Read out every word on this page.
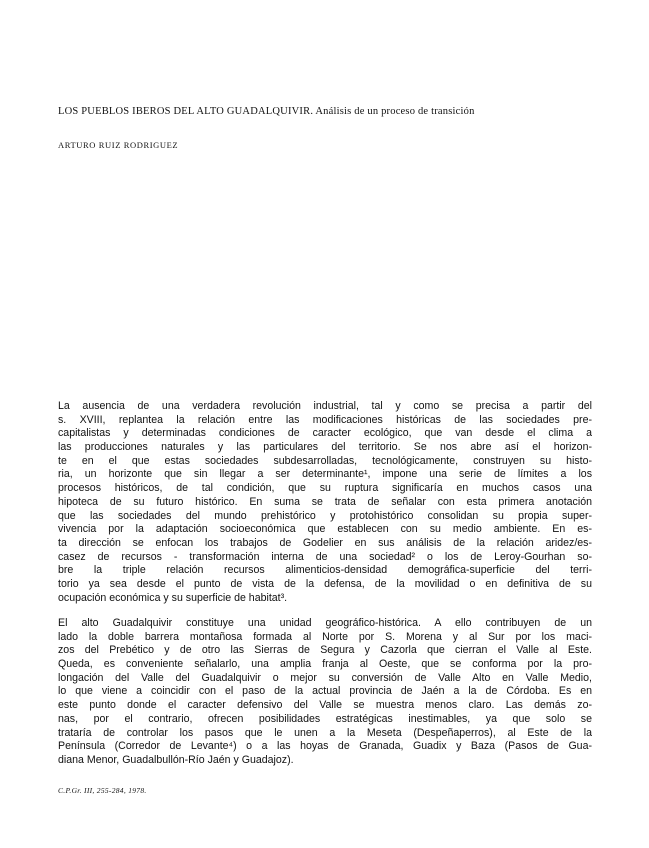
LOS PUEBLOS IBEROS DEL ALTO GUADALQUIVIR. Análisis de un proceso de transición
ARTURO RUIZ RODRIGUEZ
La ausencia de una verdadera revolución industrial, tal y como se precisa a partir del
s. XVIII, replantea la relación entre las modificaciones históricas de las sociedades pre-
capitalistas y determinadas condiciones de caracter ecológico, que van desde el clima a
las producciones naturales y las particulares del territorio. Se nos abre así el horizon-
te en el que estas sociedades subdesarrolladas, tecnológicamente, construyen su histo-
ria, un horizonte que sin llegar a ser determinante¹, impone una serie de límites a los
procesos históricos, de tal condición, que su ruptura significaría en muchos casos una
hipoteca de su futuro histórico. En suma se trata de señalar con esta primera anotación
que las sociedades del mundo prehistórico y protohistórico consolidan su propia super-
vivencia por la adaptación socioeconómica que establecen con su medio ambiente. En es-
ta dirección se enfocan los trabajos de Godelier en sus análisis de la relación aridez/es-
casez de recursos - transformación interna de una sociedad² o los de Leroy-Gourhan so-
bre la triple relación recursos alimenticios-densidad demográfica-superficie del terri-
torio ya sea desde el punto de vista de la defensa, de la movilidad o en definitiva de su
ocupación económica y su superficie de habitat³.
El alto Guadalquivir constituye una unidad geográfico-histórica. A ello contribuyen de un
lado la doble barrera montañosa formada al Norte por S. Morena y al Sur por los maci-
zos del Prebético y de otro las Sierras de Segura y Cazorla que cierran el Valle al Este.
Queda, es conveniente señalarlo, una amplia franja al Oeste, que se conforma por la pro-
longación del Valle del Guadalquivir o mejor su conversión de Valle Alto en Valle Medio,
lo que viene a coincidir con el paso de la actual provincia de Jaén a la de Córdoba. Es en
este punto donde el caracter defensivo del Valle se muestra menos claro. Las demás zo-
nas, por el contrario, ofrecen posibilidades estratégicas inestimables, ya que solo se
trataría de controlar los pasos que le unen a la Meseta (Despeñaperros), al Este de la
Península (Corredor de Levante⁴) o a las hoyas de Granada, Guadix y Baza (Pasos de Gua-
diana Menor, Guadalbullón-Río Jaén y Guadajoz).
C.P.Gr. III, 255-284, 1978.
